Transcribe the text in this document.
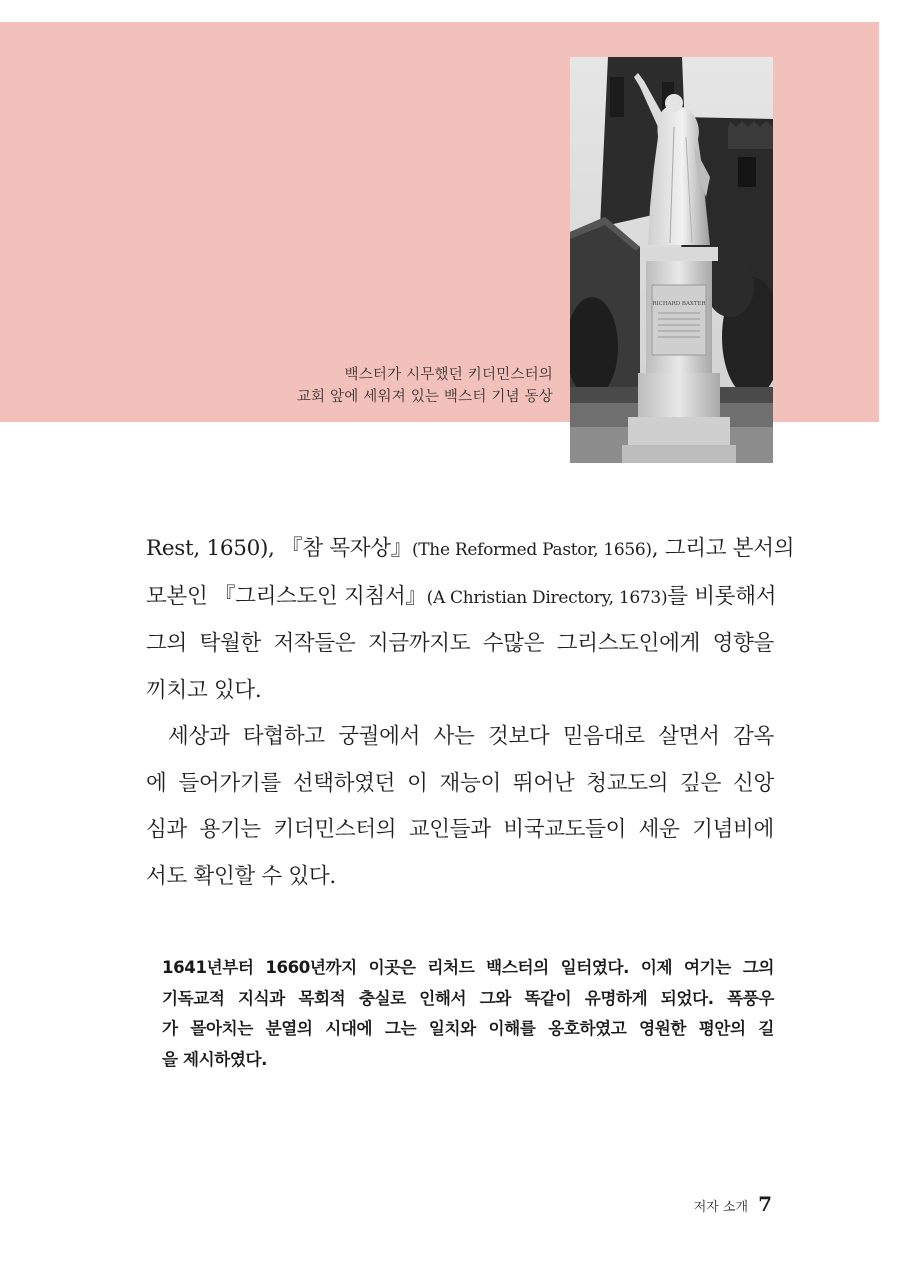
백스터가 시무했던 키더민스터의
교회 앞에 세워져 있는 백스터 기념 동상
RICHARD BAXTER
Rest, 1650), 『참 목자상』(The Reformed Pastor, 1656), 그리고 본서의
모본인 『그리스도인 지침서』(A Christian Directory, 1673)를 비롯해서
그의 탁월한 저작들은 지금까지도 수많은 그리스도인에게 영향을
끼치고 있다.
세상과 타협하고 궁궐에서 사는 것보다 믿음대로 살면서 감옥
에 들어가기를 선택하였던 이 재능이 뛰어난 청교도의 깊은 신앙
심과 용기는 키더민스터의 교인들과 비국교도들이 세운 기념비에
서도 확인할 수 있다.
1641년부터 1660년까지 이곳은 리처드 백스터의 일터였다. 이제 여기는 그의
기독교적 지식과 목회적 충실로 인해서 그와 똑같이 유명하게 되었다. 폭풍우
가 몰아치는 분열의 시대에 그는 일치와 이해를 옹호하였고 영원한 평안의 길
을 제시하였다.
저자 소개 7
